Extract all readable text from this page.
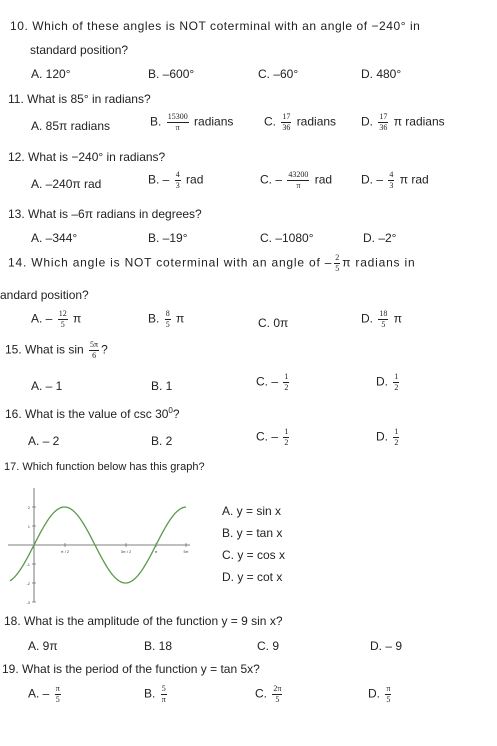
10. Which of these angles is NOT coterminal with an angle of −240° in
standard position?
A. 120°	B. –600°	C. –60°	D. 480°
11. What is 85° in radians?
A. 85π radians	B. $\frac{15300}{\pi}$ radians	C. $\frac{17}{36}$ radians D. $\frac{17}{36}$ π radians
12. What is −240° in radians?
A. –240π rad	B. – $\frac{4}{3}$ rad	C. – $\frac{43200}{\pi}$ rad D. – $\frac{4}{3}$ π rad
13. What is –6π radians in degrees?
A. –344°	B. –19°	C. –1080°	D. –2°
14. Which angle is NOT coterminal with an angle of – $\frac{2}{5}$ π radians in
andard position?
A. – $\frac{12}{5}$ π	B. $\frac{8}{5}$ π	C. 0π	D. $\frac{18}{5}$ π
15. What is $\sin \frac{5\pi}{6}$ ?
A. – 1	B. 1	C. – $\frac{1}{2}$	D. $\frac{1}{2}$
16. What is the value of $\csc 30^0$?
A. – 2	B. 2	C. – $\frac{1}{2}$	D. $\frac{1}{2}$
17. Which function below has this graph?
2
1
-1
-2
-3
π / 2	3π / 2	π	5π
A. y = sin x
B. y = tan x
C. y = cos x
D. y = cot x
18. What is the amplitude of the function y = 9 sin x?
A. 9π	B. 18	C. 9	D. – 9
19. What is the period of the function y = tan 5x?
A. – $\frac{\pi}{5}$	B. $\frac{5}{\pi}$	C. $\frac{2\pi}{5}$	D. $\frac{\pi}{5}$
